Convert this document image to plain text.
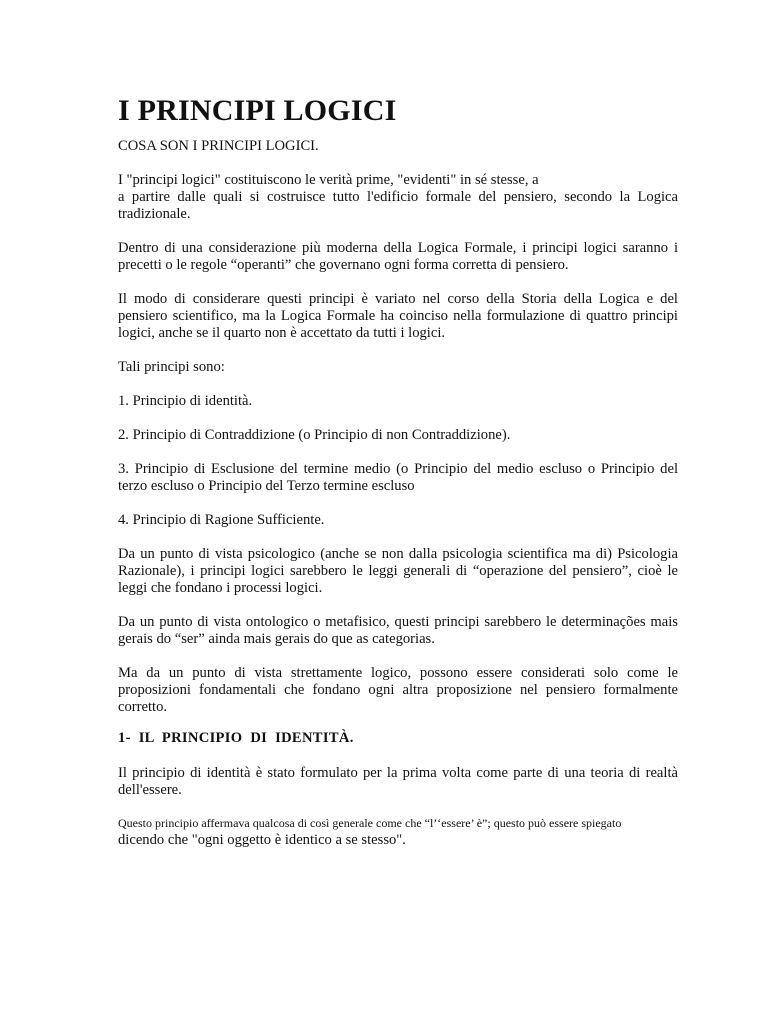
I PRINCIPI LOGICI

COSA SON I PRINCIPI LOGICI.

I "principi logici" costituiscono le verità prime, "evidenti" in sé stesse, a

a partire dalle quali si costruisce tutto l'edificio formale del pensiero, secondo la Logica tradizionale.

Dentro di una considerazione più moderna della Logica Formale, i principi logici saranno i precetti o le regole “operanti” che governano ogni forma corretta di pensiero.

Il modo di considerare questi principi è variato nel corso della Storia della Logica e del pensiero scientifico, ma la Logica Formale ha coinciso nella formulazione di quattro principi logici, anche se il quarto non è accettato da tutti i logici.

Tali principi sono:

1. Principio di identità.

2. Principio di Contraddizione (o Principio di non Contraddizione).

3. Principio di Esclusione del termine medio (o Principio del medio escluso o Principio del terzo escluso o Principio del Terzo termine escluso

4. Principio di Ragione Sufficiente.

Da un punto di vista psicologico (anche se non dalla psicologia scientifica ma di) Psicologia Razionale), i principi logici sarebbero le leggi generali di “operazione del pensiero”, cioè le leggi che fondano i processi logici.

Da un punto di vista ontologico o metafisico, questi principi sarebbero le determinações mais gerais do “ser” ainda mais gerais do que as categorias.

Ma da un punto di vista strettamente logico, possono essere considerati solo come le proposizioni fondamentali che fondano ogni altra proposizione nel pensiero formalmente corretto.

1- IL PRINCIPIO DI IDENTITÀ.

Il principio di identità è stato formulato per la prima volta come parte di una teoria di realtà dell'essere.

Questo principio affermava qualcosa di così generale come che “l’‘essere’ è”; questo può essere spiegato

dicendo che "ogni oggetto è identico a se stesso".
